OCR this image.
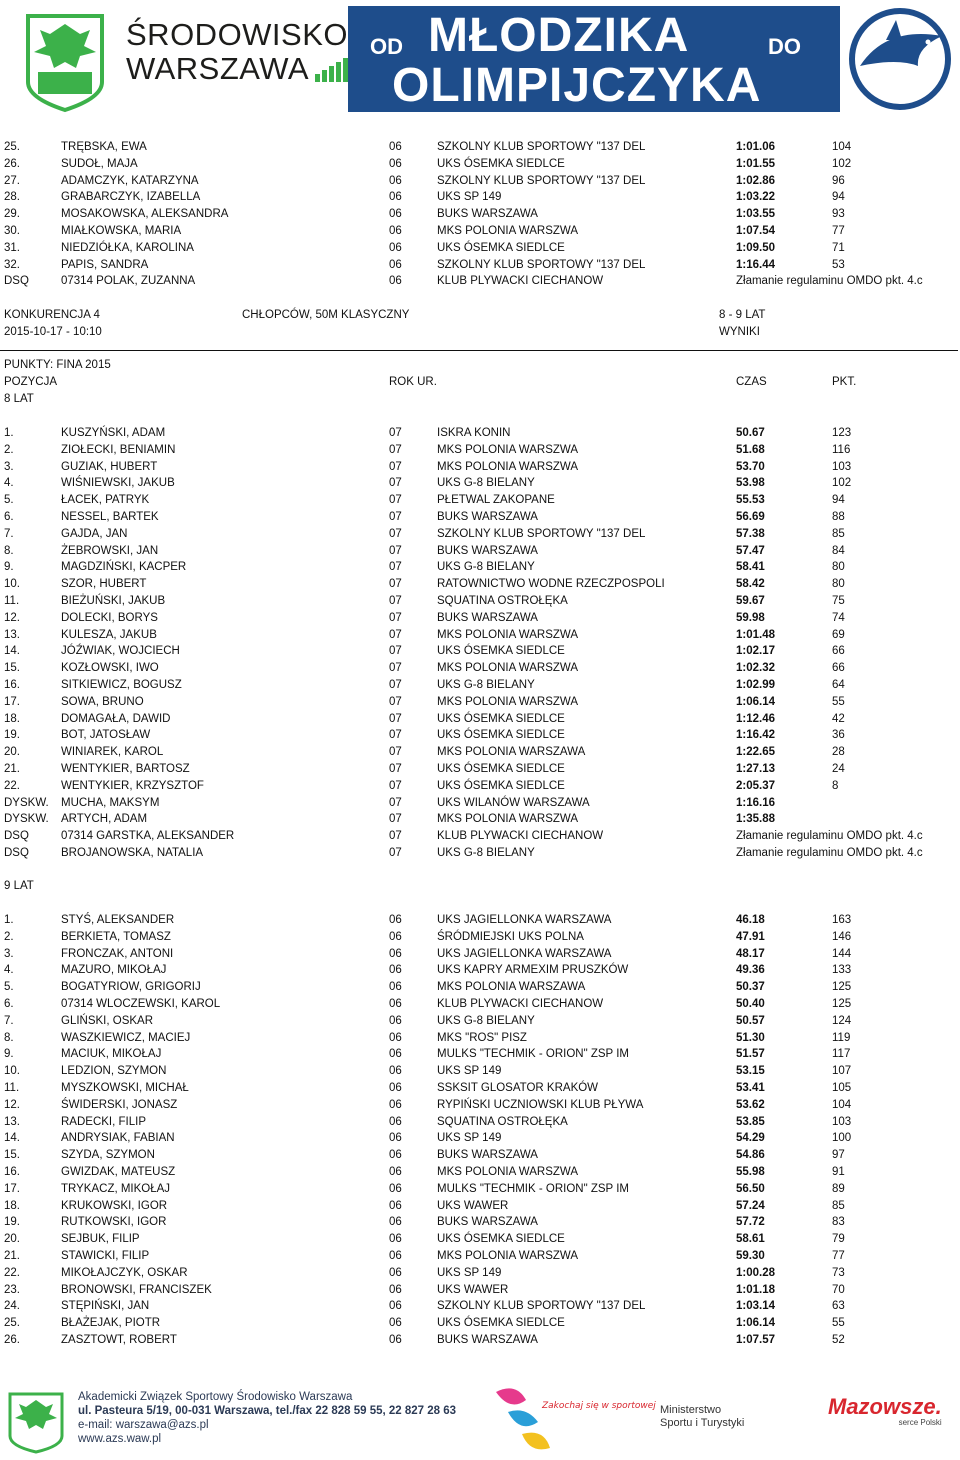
ŚRODOWISKO
WARSZAWA
OD MŁODZIKA	DO
OLIMPIJCZYKA
25.	TRĘBSKA, EWA	06	SZKOLNY KLUB SPORTOWY "137 DEL	1:01.06	104
26.	SUDOŁ, MAJA	06	UKS ÓSEMKA SIEDLCE	1:01.55	102
27.	ADAMCZYK, KATARZYNA	06	SZKOLNY KLUB SPORTOWY "137 DEL	1:02.86	96
28.	GRABARCZYK, IZABELLA	06	UKS SP 149	1:03.22	94
29.	MOSAKOWSKA, ALEKSANDRA	06	BUKS WARSZAWA	1:03.55	93
30.	MIAŁKOWSKA, MARIA	06	MKS POLONIA WARSZWA	1:07.54	77
31.	NIEDZIÓŁKA, KAROLINA	06	UKS ÓSEMKA SIEDLCE	1:09.50	71
32.	PAPIS, SANDRA	06	SZKOLNY KLUB SPORTOWY "137 DEL	1:16.44	53
DSQ	07314 POLAK, ZUZANNA	06	KLUB PLYWACKI CIECHANOW	Złamanie regulaminu OMDO pkt. 4.c
KONKURENCJA 4	CHŁOPCÓW, 50M KLASYCZNY	8 - 9 LAT
2015-10-17 - 10:10	WYNIKI
PUNKTY: FINA 2015
POZYCJA	ROK UR.	CZAS	PKT.
8 LAT
1.	KUSZYŃSKI, ADAM	07	ISKRA KONIN	50.67	123
2.	ZIOŁECKI, BENIAMIN	07	MKS POLONIA WARSZWA	51.68	116
3.	GUZIAK, HUBERT	07	MKS POLONIA WARSZWA	53.70	103
4.	WIŚNIEWSKI, JAKUB	07	UKS G-8 BIELANY	53.98	102
5.	ŁACEK, PATRYK	07	PŁETWAL ZAKOPANE	55.53	94
6.	NESSEL, BARTEK	07	BUKS WARSZAWA	56.69	88
7.	GAJDA, JAN	07	SZKOLNY KLUB SPORTOWY "137 DEL	57.38	85
8.	ŻEBROWSKI, JAN	07	BUKS WARSZAWA	57.47	84
9.	MAGDZIŃSKI, KACPER	07	UKS G-8 BIELANY	58.41	80
10.	SZOR, HUBERT	07	RATOWNICTWO WODNE RZECZPOSPOLI	58.42	80
11.	BIEŻUŃSKI, JAKUB	07	SQUATINA OSTROŁĘKA	59.67	75
12.	DOLECKI, BORYS	07	BUKS WARSZAWA	59.98	74
13.	KULESZA, JAKUB	07	MKS POLONIA WARSZWA	1:01.48	69
14.	JÓŹWIAK, WOJCIECH	07	UKS ÓSEMKA SIEDLCE	1:02.17	66
15.	KOZŁOWSKI, IWO	07	MKS POLONIA WARSZWA	1:02.32	66
16.	SITKIEWICZ, BOGUSZ	07	UKS G-8 BIELANY	1:02.99	64
17.	SOWA, BRUNO	07	MKS POLONIA WARSZWA	1:06.14	55
18.	DOMAGAŁA, DAWID	07	UKS ÓSEMKA SIEDLCE	1:12.46	42
19.	BOT, JATOSŁAW	07	UKS ÓSEMKA SIEDLCE	1:16.42	36
20.	WINIAREK, KAROL	07	MKS POLONIA WARSZAWA	1:22.65	28
21.	WENTYKIER, BARTOSZ	07	UKS ÓSEMKA SIEDLCE	1:27.13	24
22.	WENTYKIER, KRZYSZTOF	07	UKS ÓSEMKA SIEDLCE	2:05.37	8
DYSKW. MUCHA, MAKSYM	07	UKS WILANÓW WARSZAWA	1:16.16
DYSKW. ARTYCH, ADAM	07	MKS POLONIA WARSZWA	1:35.88
DSQ	07314 GARSTKA, ALEKSANDER	07	KLUB PLYWACKI CIECHANOW	Złamanie regulaminu OMDO pkt. 4.c
DSQ	BROJANOWSKA, NATALIA	07	UKS G-8 BIELANY	Złamanie regulaminu OMDO pkt. 4.c
9 LAT
1.	STYŚ, ALEKSANDER	06	UKS JAGIELLONKA WARSZAWA	46.18	163
2.	BERKIETA, TOMASZ	06	ŚRÓDMIEJSKI UKS POLNA	47.91	146
3.	FRONCZAK, ANTONI	06	UKS JAGIELLONKA WARSZAWA	48.17	144
4.	MAZURO, MIKOŁAJ	06	UKS KAPRY ARMEXIM PRUSZKÓW	49.36	133
5.	BOGATYRIOW, GRIGORIJ	06	MKS POLONIA WARSZAWA	50.37	125
6.	07314 WLOCZEWSKI, KAROL	06	KLUB PLYWACKI CIECHANOW	50.40	125
7.	GLIŃSKI, OSKAR	06	UKS G-8 BIELANY	50.57	124
8.	WASZKIEWICZ, MACIEJ	06	MKS "ROS" PISZ	51.30	119
9.	MACIUK, MIKOŁAJ	06	MULKS "TECHMIK - ORION" ZSP IM	51.57	117
10.	LEDZION, SZYMON	06	UKS SP 149	53.15	107
11.	MYSZKOWSKI, MICHAŁ	06	SSKSIT GLOSATOR KRAKÓW	53.41	105
12.	ŚWIDERSKI, JONASZ	06	RYPIŃSKI UCZNIOWSKI KLUB PŁYWA	53.62	104
13.	RADECKI, FILIP	06	SQUATINA OSTROŁĘKA	53.85	103
14.	ANDRYSIAK, FABIAN	06	UKS SP 149	54.29	100
15.	SZYDA, SZYMON	06	BUKS WARSZAWA	54.86	97
16.	GWIZDAK, MATEUSZ	06	MKS POLONIA WARSZWA	55.98	91
17.	TRYKACZ, MIKOŁAJ	06	MULKS "TECHMIK - ORION" ZSP IM	56.50	89
18.	KRUKOWSKI, IGOR	06	UKS WAWER	57.24	85
19.	RUTKOWSKI, IGOR	06	BUKS WARSZAWA	57.72	83
20.	SEJBUK, FILIP	06	UKS ÓSEMKA SIEDLCE	58.61	79
21.	STAWICKI, FILIP	06	MKS POLONIA WARSZWA	59.30	77
22.	MIKOŁAJCZYK, OSKAR	06	UKS SP 149	1:00.28	73
23.	BRONOWSKI, FRANCISZEK	06	UKS WAWER	1:01.18	70
24.	STĘPIŃSKI, JAN	06	SZKOLNY KLUB SPORTOWY "137 DEL	1:03.14	63
25.	BŁAŻEJAK, PIOTR	06	UKS ÓSEMKA SIEDLCE	1:06.14	55
26.	ZASZTOWT, ROBERT	06	BUKS WARSZAWA	1:07.57	52
Akademicki Związek Sportowy Środowisko Warszawa
ul. Pasteura 5/19, 00-031 Warszawa, tel./fax 22 828 59 55, 22 827 28 63
e-mail: warszawa@azs.pl
www.azs.waw.pl
Zakochaj się w sportowej Ministerstwo
Sportu i Turystyki
Mazowsze.
serce Polski
